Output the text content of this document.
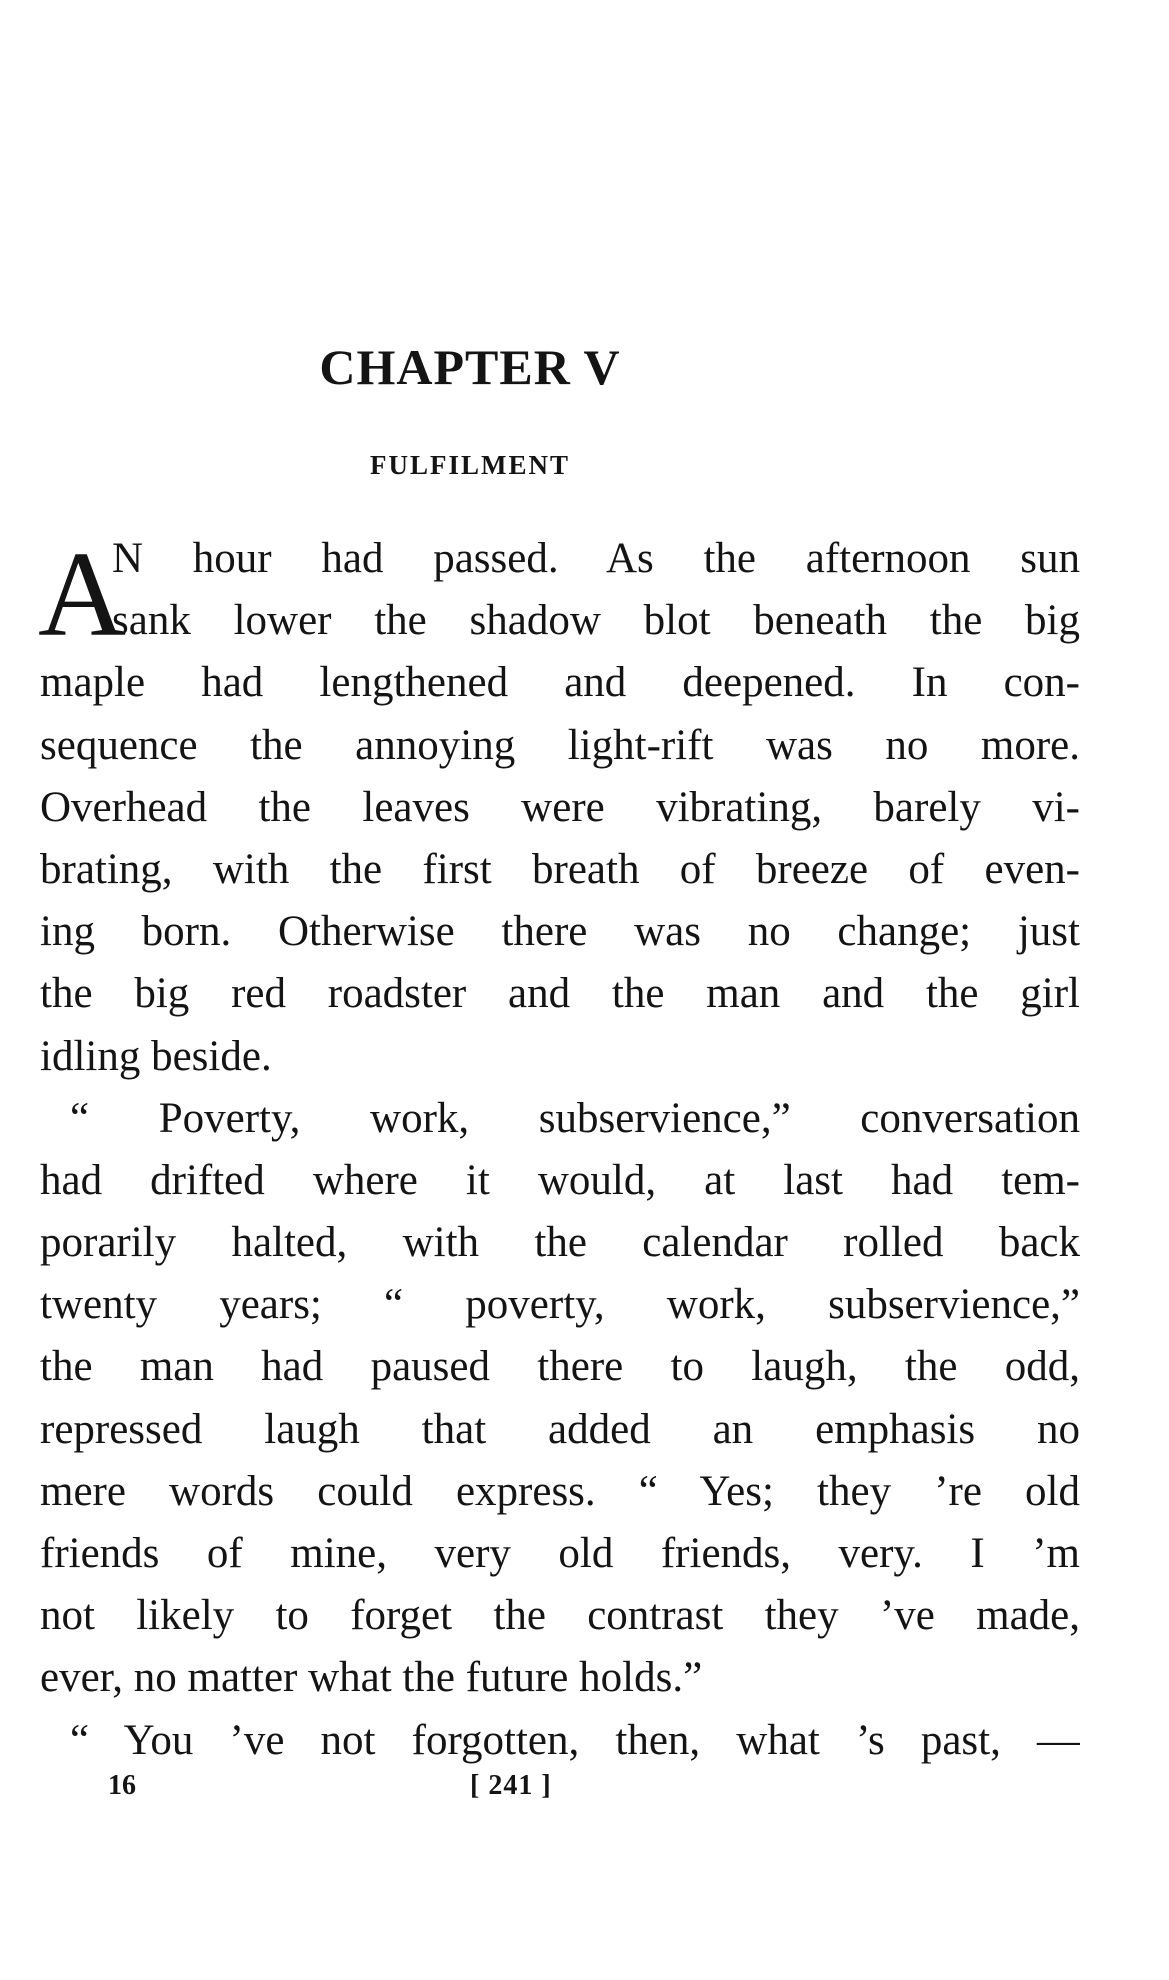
CHAPTER V
FULFILMENT
A
N hour had passed. As the afternoon sun
sank lower the shadow blot beneath the big
maple had lengthened and deepened. In con-
sequence the annoying light-rift was no more.
Overhead the leaves were vibrating, barely vi-
brating, with the first breath of breeze of even-
ing born. Otherwise there was no change; just
the big red roadster and the man and the girl
idling beside.
“ Poverty, work, subservience,” conversation
had drifted where it would, at last had tem-
porarily halted, with the calendar rolled back
twenty years; “ poverty, work, subservience,”
the man had paused there to laugh, the odd,
repressed laugh that added an emphasis no
mere words could express. “ Yes; they ’re old
friends of mine, very old friends, very. I ’m
not likely to forget the contrast they ’ve made,
ever, no matter what the future holds.”
“ You ’ve not forgotten, then, what ’s past, —
16	[ 241 ]
